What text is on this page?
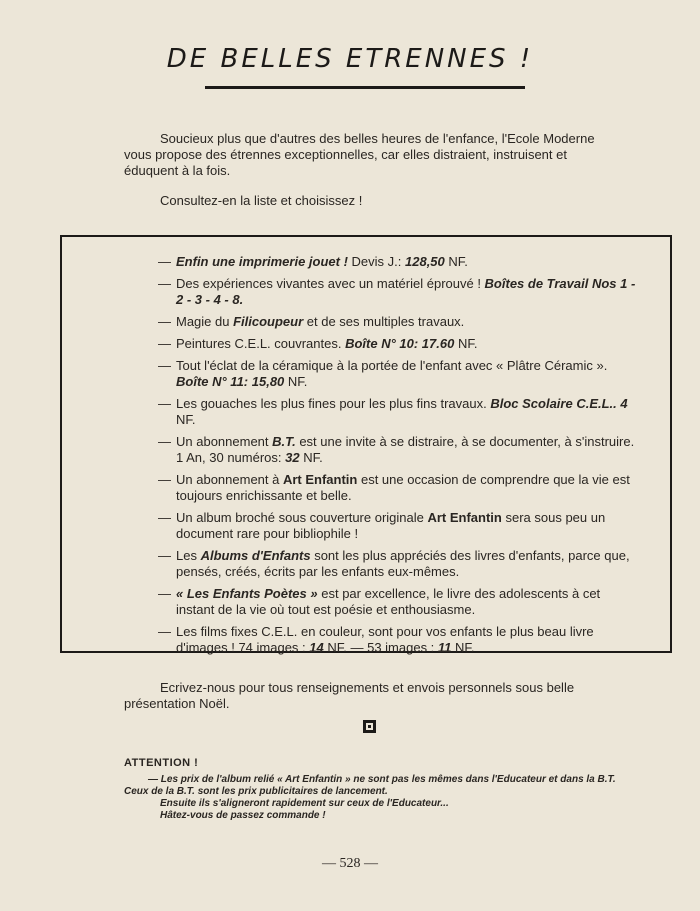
DE BELLES ETRENNES !

Soucieux plus que d'autres des belles heures de l'enfance, l'Ecole Moderne vous propose des étrennes exceptionnelles, car elles distraient, instruisent et éduquent à la fois.

Consultez-en la liste et choisissez !

— Enfin une imprimerie jouet ! Devis J.: 128,50 NF.
— Des expériences vivantes avec un matériel éprouvé ! Boîtes de Travail Nos 1 - 2 - 3 - 4 - 8.
— Magie du Filicoupeur et de ses multiples travaux.
— Peintures C.E.L. couvrantes. Boîte N° 10: 17.60 NF.
— Tout l'éclat de la céramique à la portée de l'enfant avec « Plâtre Céramic ». Boîte N° 11: 15,80 NF.
— Les gouaches les plus fines pour les plus fins travaux. Bloc Scolaire C.E.L.. 4 NF.
— Un abonnement B.T. est une invite à se distraire, à se documenter, à s'instruire. 1 An, 30 numéros: 32 NF.
— Un abonnement à Art Enfantin est une occasion de comprendre que la vie est toujours enrichissante et belle.
— Un album broché sous couverture originale Art Enfantin sera sous peu un document rare pour bibliophile !
— Les Albums d'Enfants sont les plus appréciés des livres d'enfants, parce que, pensés, créés, écrits par les enfants eux-mêmes.
— « Les Enfants Poètes » est par excellence, le livre des adolescents à cet instant de la vie où tout est poésie et enthousiasme.
— Les films fixes C.E.L. en couleur, sont pour vos enfants le plus beau livre d'images ! 74 images : 14 NF. — 53 images : 11 NF.

Ecrivez-nous pour tous renseignements et envois personnels sous belle présentation Noël.

ATTENTION !

— Les prix de l'album relié « Art Enfantin » ne sont pas les mêmes dans l'Educateur et dans la B.T. Ceux de la B.T. sont les prix publicitaires de lancement.

Ensuite ils s'aligneront rapidement sur ceux de l'Educateur...

Hâtez-vous de passez commande !

— 528 —
